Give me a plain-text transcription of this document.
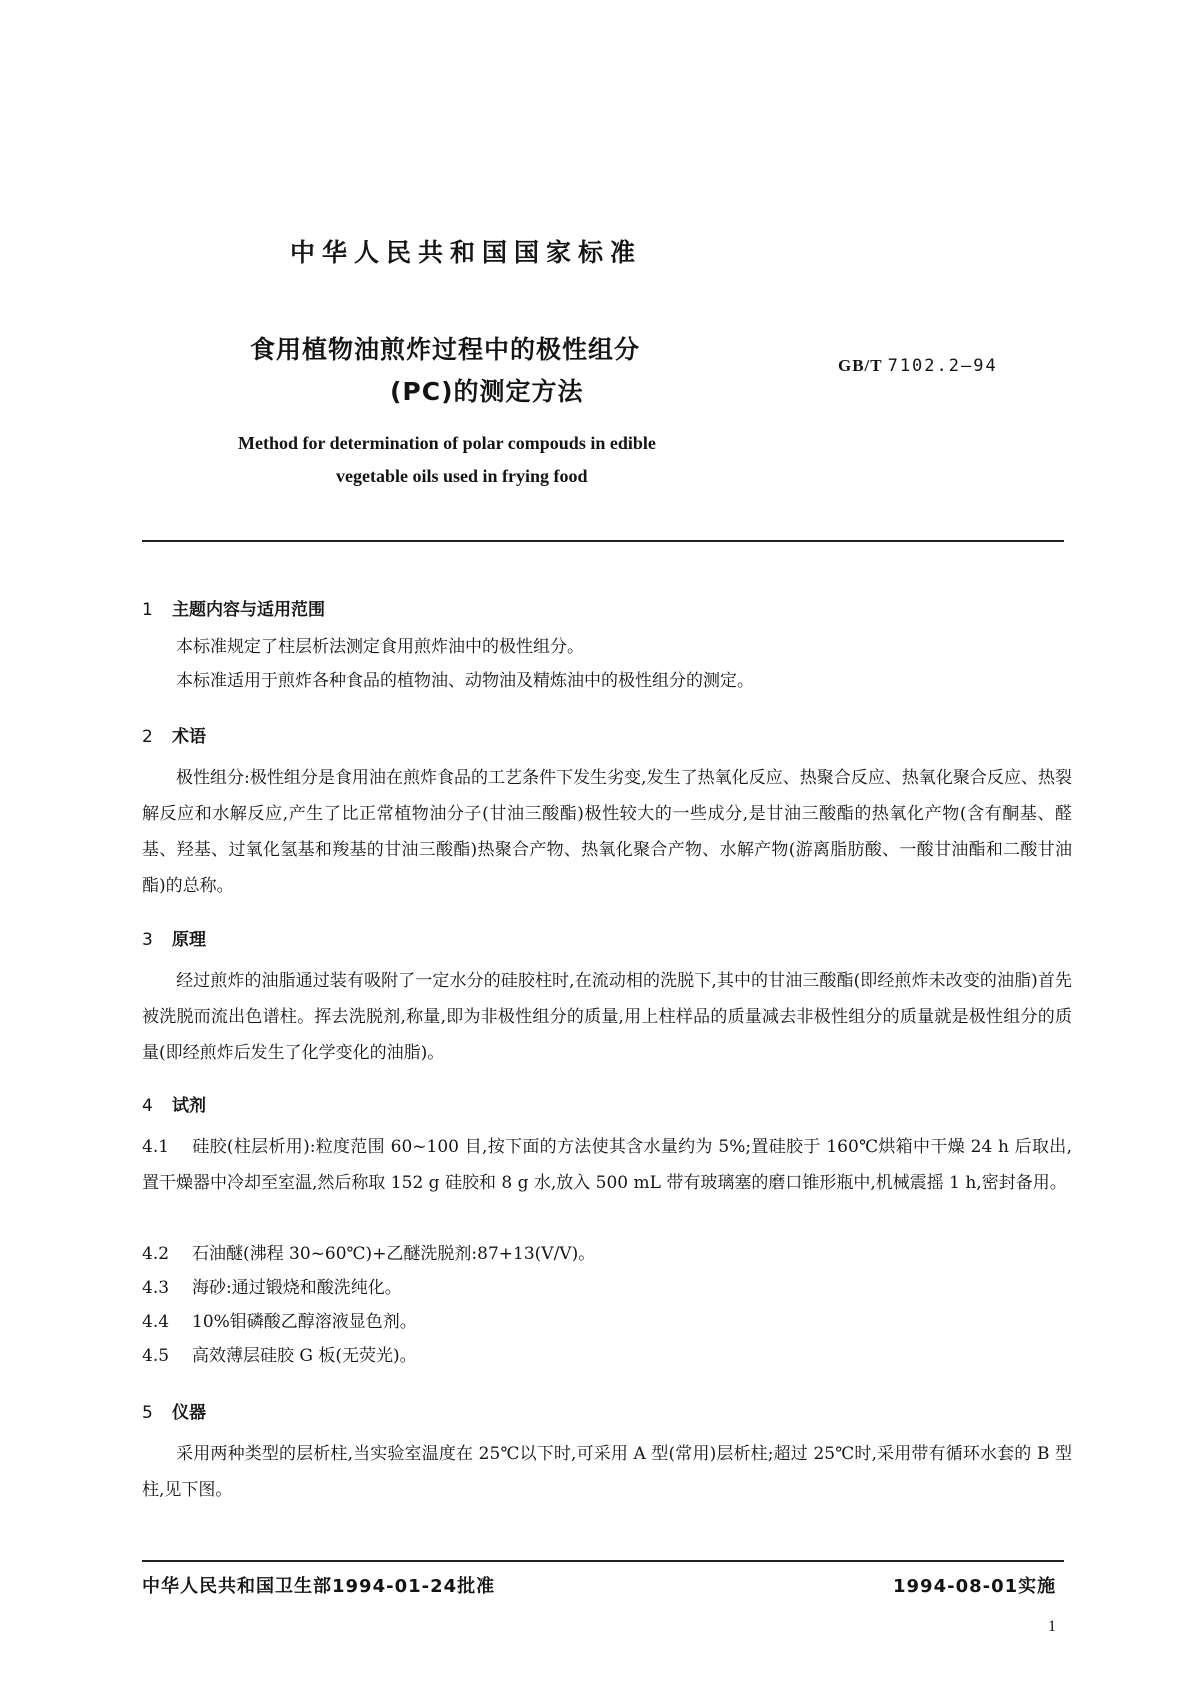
中华人民共和国国家标准
食用植物油煎炸过程中的极性组分
(PC)的测定方法
GB/T 7102.2—94
Method for determination of polar compouds in edible
vegetable oils used in frying food
1 主题内容与适用范围
本标准规定了柱层析法测定食用煎炸油中的极性组分。
本标准适用于煎炸各种食品的植物油、动物油及精炼油中的极性组分的测定。
2 术语
极性组分:极性组分是食用油在煎炸食品的工艺条件下发生劣变,发生了热氧化反应、热聚合反应、热氧化聚合反应、热裂解反应和水解反应,产生了比正常植物油分子(甘油三酸酯)极性较大的一些成分,是甘油三酸酯的热氧化产物(含有酮基、醛基、羟基、过氧化氢基和羧基的甘油三酸酯)热聚合产物、热氧化聚合产物、水解产物(游离脂肪酸、一酸甘油酯和二酸甘油酯)的总称。
3 原理
经过煎炸的油脂通过装有吸附了一定水分的硅胶柱时,在流动相的洗脱下,其中的甘油三酸酯(即经煎炸未改变的油脂)首先被洗脱而流出色谱柱。挥去洗脱剂,称量,即为非极性组分的质量,用上柱样品的质量减去非极性组分的质量就是极性组分的质量(即经煎炸后发生了化学变化的油脂)。
4 试剂
4.1 硅胶(柱层析用):粒度范围 60~100 目,按下面的方法使其含水量约为 5%;置硅胶于 160℃烘箱中干燥 24 h 后取出,置干燥器中冷却至室温,然后称取 152 g 硅胶和 8 g 水,放入 500 mL 带有玻璃塞的磨口锥形瓶中,机械震摇 1 h,密封备用。
4.2 石油醚(沸程 30~60℃)+乙醚洗脱剂:87+13(V/V)。
4.3 海砂:通过锻烧和酸洗纯化。
4.4 10%钼磷酸乙醇溶液显色剂。
4.5 高效薄层硅胶 G 板(无荧光)。
5 仪器
采用两种类型的层析柱,当实验室温度在 25℃以下时,可采用 A 型(常用)层析柱;超过 25℃时,采用带有循环水套的 B 型柱,见下图。
中华人民共和国卫生部1994-01-24批准	1994-08-01实施
1
